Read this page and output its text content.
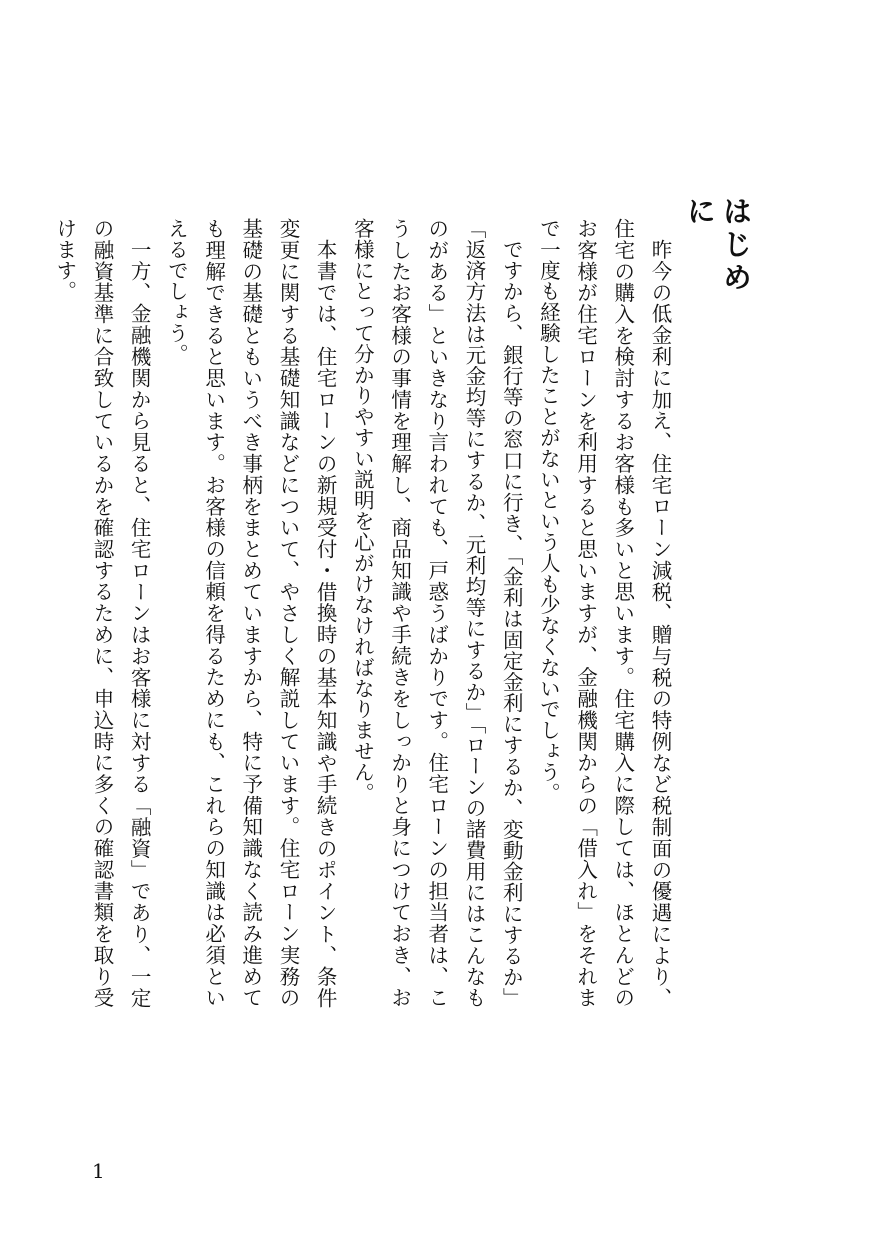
はじめに

昨今の低金利に加え、住宅ローン減税、贈与税の特例など税制面の優遇により、住宅の購入を検討するお客様も多いと思います。住宅購入に際しては、ほとんどのお客様が住宅ローンを利用すると思いますが、金融機関からの「借入れ」をそれまで一度も経験したことがないという人も少なくないでしょう。

ですから、銀行等の窓口に行き、「金利は固定金利にするか、変動金利にするか」「返済方法は元金均等にするか、元利均等にするか」「ローンの諸費用にはこんなものがある」といきなり言われても、戸惑うばかりです。住宅ローンの担当者は、こうしたお客様の事情を理解し、商品知識や手続きをしっかりと身につけておき、お客様にとって分かりやすい説明を心がけなければなりません。

本書では、住宅ローンの新規受付・借換時の基本知識や手続きのポイント、条件変更に関する基礎知識などについて、やさしく解説しています。住宅ローン実務の基礎の基礎ともいうべき事柄をまとめていますから、特に予備知識なく読み進めても理解できると思います。お客様の信頼を得るためにも、これらの知識は必須といえるでしょう。

一方、金融機関から見ると、住宅ローンはお客様に対する「融資」であり、一定の融資基準に合致しているかを確認するために、申込時に多くの確認書類を取り受けます。

1
